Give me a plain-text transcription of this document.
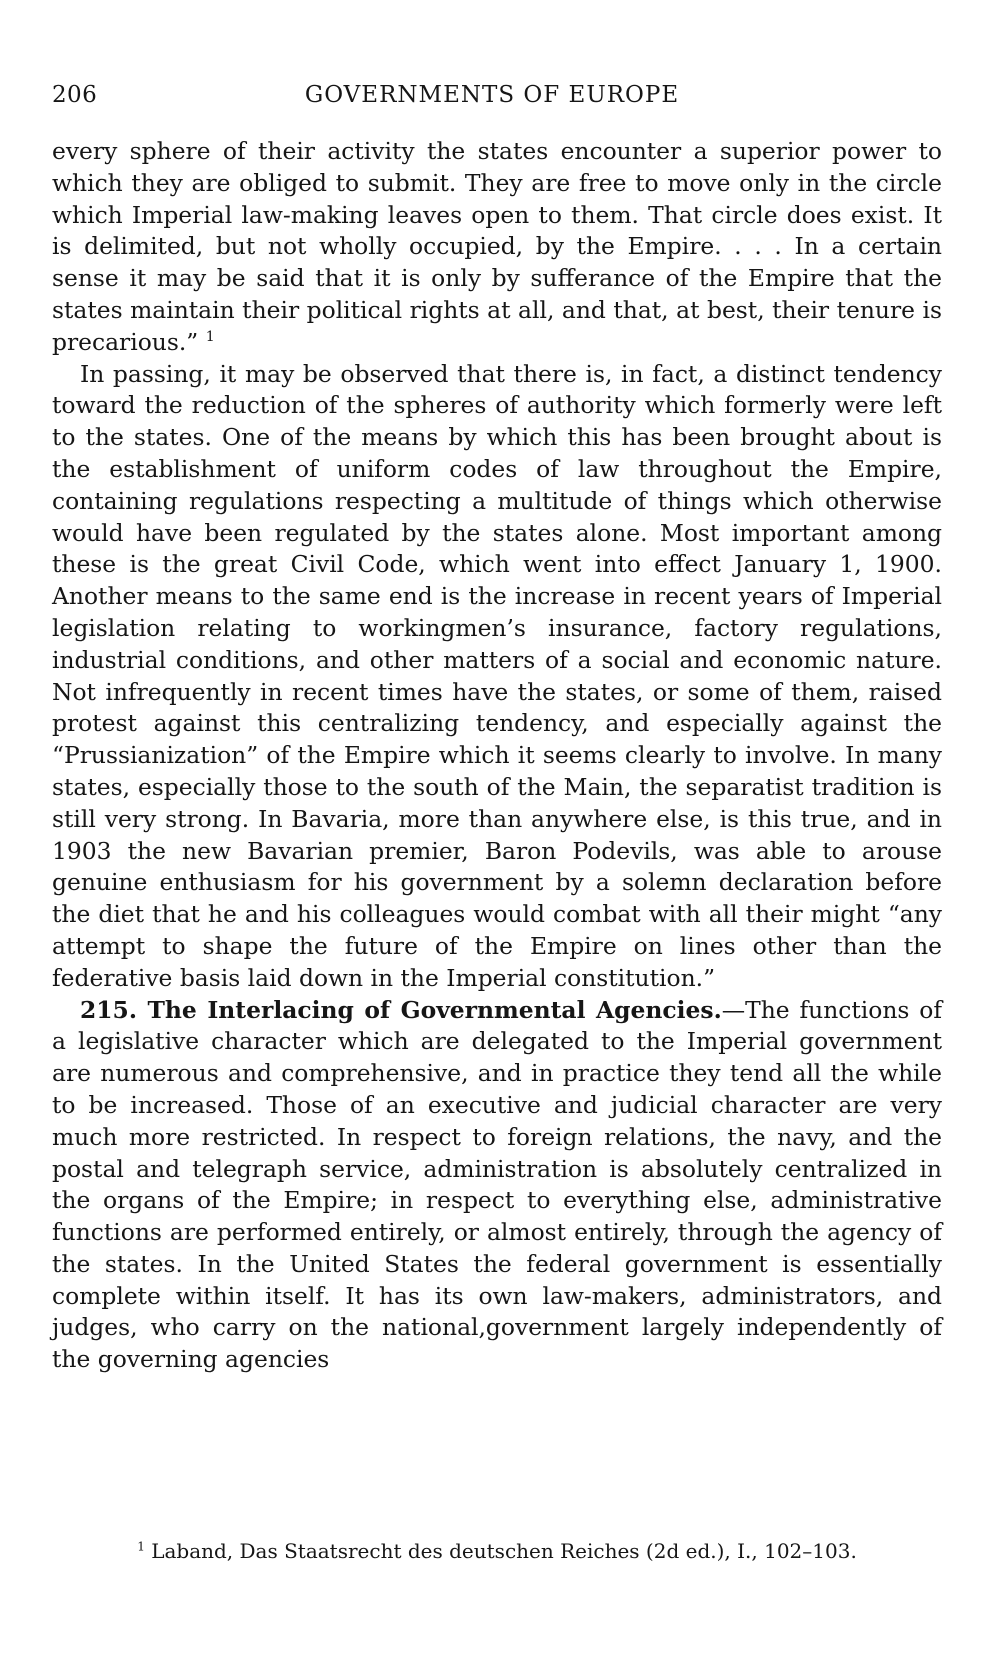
206	GOVERNMENTS OF EUROPE

every sphere of their activity the states encounter a superior power to which they are obliged to submit. They are free to move only in the circle which Imperial law-making leaves open to them. That circle does exist. It is delimited, but not wholly occupied, by the Empire. . . . In a certain sense it may be said that it is only by sufferance of the Empire that the states maintain their political rights at all, and that, at best, their tenure is precarious.” $^1$

In passing, it may be observed that there is, in fact, a distinct tendency toward the reduction of the spheres of authority which formerly were left to the states. One of the means by which this has been brought about is the establishment of uniform codes of law throughout the Empire, containing regulations respecting a multitude of things which otherwise would have been regulated by the states alone. Most important among these is the great Civil Code, which went into effect January 1, 1900. Another means to the same end is the increase in recent years of Imperial legislation relating to workingmen’s insurance, factory regulations, industrial conditions, and other matters of a social and economic nature. Not infrequently in recent times have the states, or some of them, raised protest against this centralizing tendency, and especially against the “Prussianization” of the Empire which it seems clearly to involve. In many states, especially those to the south of the Main, the separatist tradition is still very strong. In Bavaria, more than anywhere else, is this true, and in 1903 the new Bavarian premier, Baron Podevils, was able to arouse genuine enthusiasm for his government by a solemn declaration before the diet that he and his colleagues would combat with all their might “any attempt to shape the future of the Empire on lines other than the federative basis laid down in the Imperial constitution.”

215. The Interlacing of Governmental Agencies.—The functions of a legislative character which are delegated to the Imperial government are numerous and comprehensive, and in practice they tend all the while to be increased. Those of an executive and judicial character are very much more restricted. In respect to foreign relations, the navy, and the postal and telegraph service, administration is absolutely centralized in the organs of the Empire; in respect to everything else, administrative functions are performed entirely, or almost entirely, through the agency of the states. In the United States the federal government is essentially complete within itself. It has its own law-makers, administrators, and judges, who carry on the national,government largely independently of the governing agencies

$^1$ Laband, Das Staatsrecht des deutschen Reiches (2d ed.), I., 102–103.
